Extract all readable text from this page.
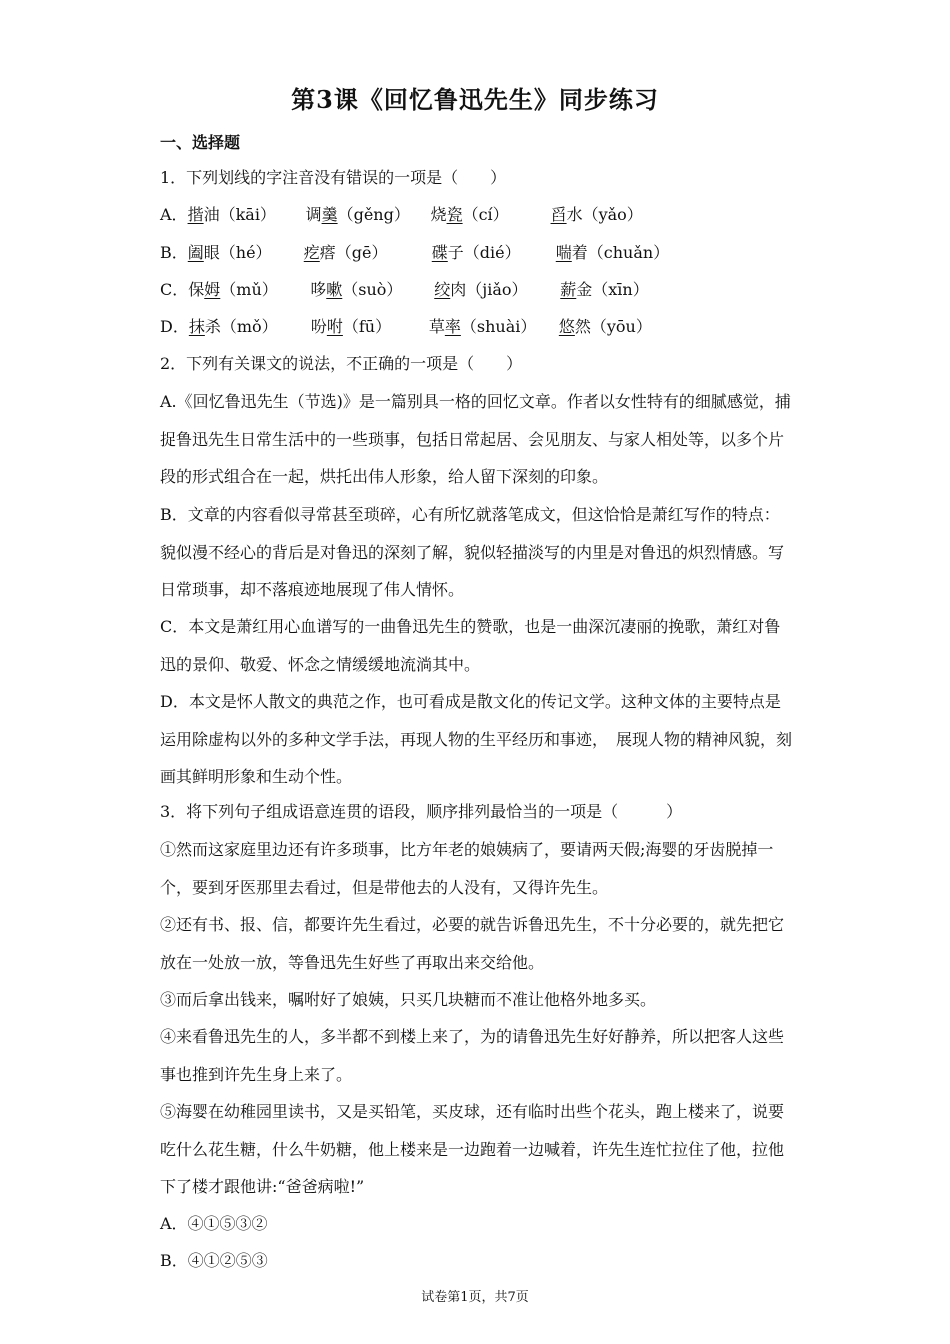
第3课《回忆鲁迅先生》同步练习
一、选择题
1．下列划线的字注音没有错误的一项是（　　）
A．揩油（kāi） 调羹（gěng） 烧瓷（cí）	舀水（yǎo）
B．阖眼（hé） 疙瘩（gē）	碟子（dié） 喘着（chuǎn）
C．保姆（mǔ） 哆嗽（suò） 绞肉（jiǎo） 薪金（xīn）
D．抹杀（mǒ） 吩咐（fū） 草率（shuài） 悠然（yōu）
2．下列有关课文的说法，不正确的一项是（　　）
A.《回忆鲁迅先生（节选)》是一篇别具一格的回忆文章。作者以女性特有的细腻感觉，捕捉鲁迅先生日常生活中的一些琐事，包括日常起居、会见朋友、与家人相处等，以多个片段的形式组合在一起，烘托出伟人形象，给人留下深刻的印象。
B．文章的内容看似寻常甚至琐碎，心有所忆就落笔成文，但这恰恰是萧红写作的特点：貌似漫不经心的背后是对鲁迅的深刻了解，貌似轻描淡写的内里是对鲁迅的炽烈情感。写日常琐事，却不落痕迹地展现了伟人情怀。
C．本文是萧红用心血谱写的一曲鲁迅先生的赞歌，也是一曲深沉凄丽的挽歌，萧红对鲁迅的景仰、敬爱、怀念之情缓缓地流淌其中。
D．本文是怀人散文的典范之作，也可看成是散文化的传记文学。这种文体的主要特点是运用除虚构以外的多种文学手法，再现人物的生平经历和事迹，　展现人物的精神风貌，刻画其鲜明形象和生动个性。
3．将下列句子组成语意连贯的语段，顺序排列最恰当的一项是（　　　）
①然而这家庭里边还有许多琐事，比方年老的娘姨病了，要请两天假;海婴的牙齿脱掉一个，要到牙医那里去看过，但是带他去的人没有，又得许先生。
②还有书、报、信，都要许先生看过，必要的就告诉鲁迅先生，不十分必要的，就先把它放在一处放一放，等鲁迅先生好些了再取出来交给他。
③而后拿出钱来，嘱咐好了娘姨，只买几块糖而不准让他格外地多买。
④来看鲁迅先生的人，多半都不到楼上来了，为的请鲁迅先生好好静养，所以把客人这些事也推到许先生身上来了。
⑤海婴在幼稚园里读书，又是买铅笔，买皮球，还有临时出些个花头，跑上楼来了，说要吃什么花生糖，什么牛奶糖，他上楼来是一边跑着一边喊着，许先生连忙拉住了他，拉他下了楼才跟他讲:“爸爸病啦!”
A．④①⑤③②
B．④①②⑤③
试卷第1页，共7页
